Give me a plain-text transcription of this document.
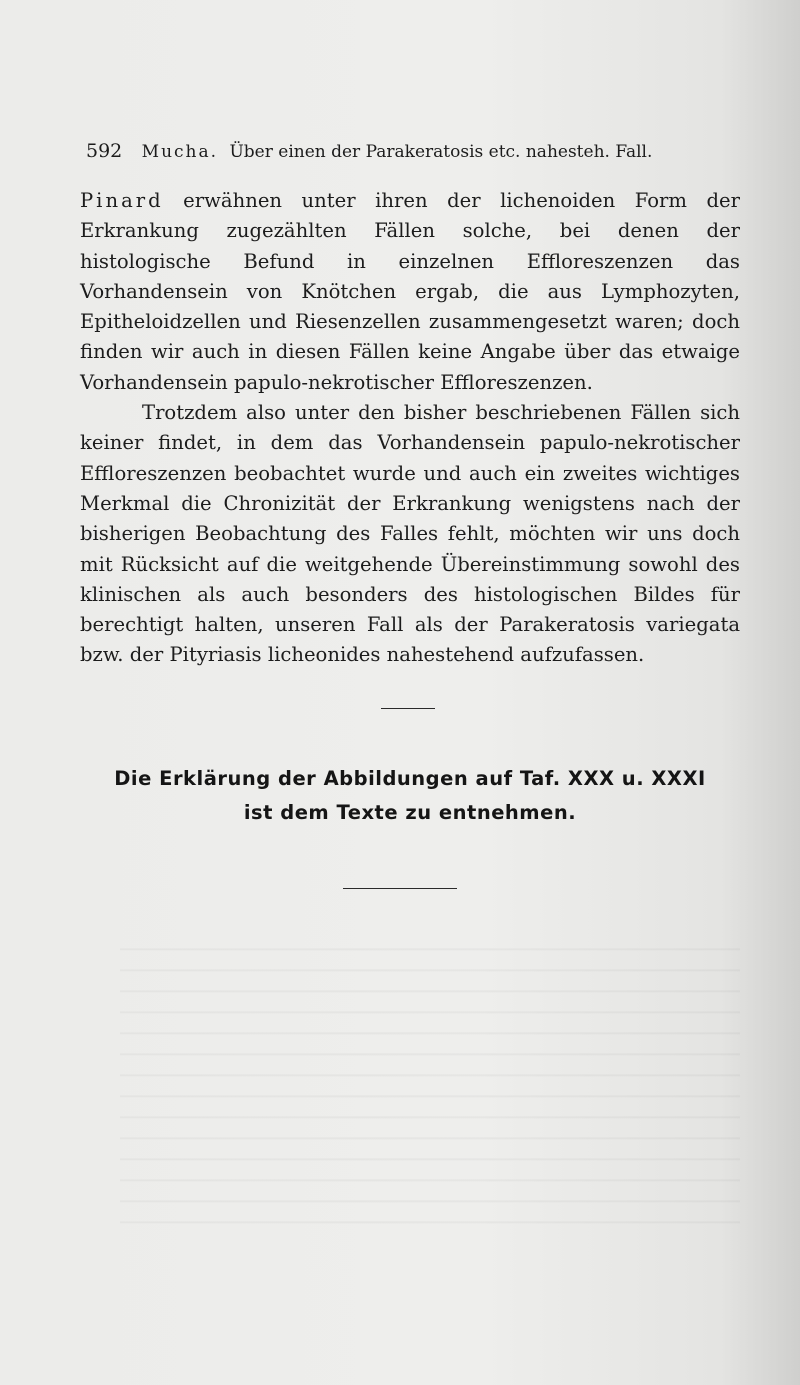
592 Mucha. Über einen der Parakeratosis etc. nahesteh. Fall.

Pinard erwähnen unter ihren der lichenoiden Form der Erkrankung zugezählten Fällen solche, bei denen der histologische Befund in einzelnen Effloreszenzen das Vorhandensein von Knötchen ergab, die aus Lymphozyten, Epitheloidzellen und Riesenzellen zusammengesetzt waren; doch finden wir auch in diesen Fällen keine Angabe über das etwaige Vorhandensein papulo-nekrotischer Effloreszenzen.

Trotzdem also unter den bisher beschriebenen Fällen sich keiner findet, in dem das Vorhandensein papulo-nekrotischer Effloreszenzen beobachtet wurde und auch ein zweites wichtiges Merkmal die Chronizität der Erkrankung wenigstens nach der bisherigen Beobachtung des Falles fehlt, möchten wir uns doch mit Rücksicht auf die weitgehende Übereinstimmung sowohl des klinischen als auch besonders des histologischen Bildes für berechtigt halten, unseren Fall als der Parakeratosis variegata bzw. der Pityriasis licheonides nahestehend aufzufassen.

Die Erklärung der Abbildungen auf Taf. XXX u. XXXI
ist dem Texte zu entnehmen.
